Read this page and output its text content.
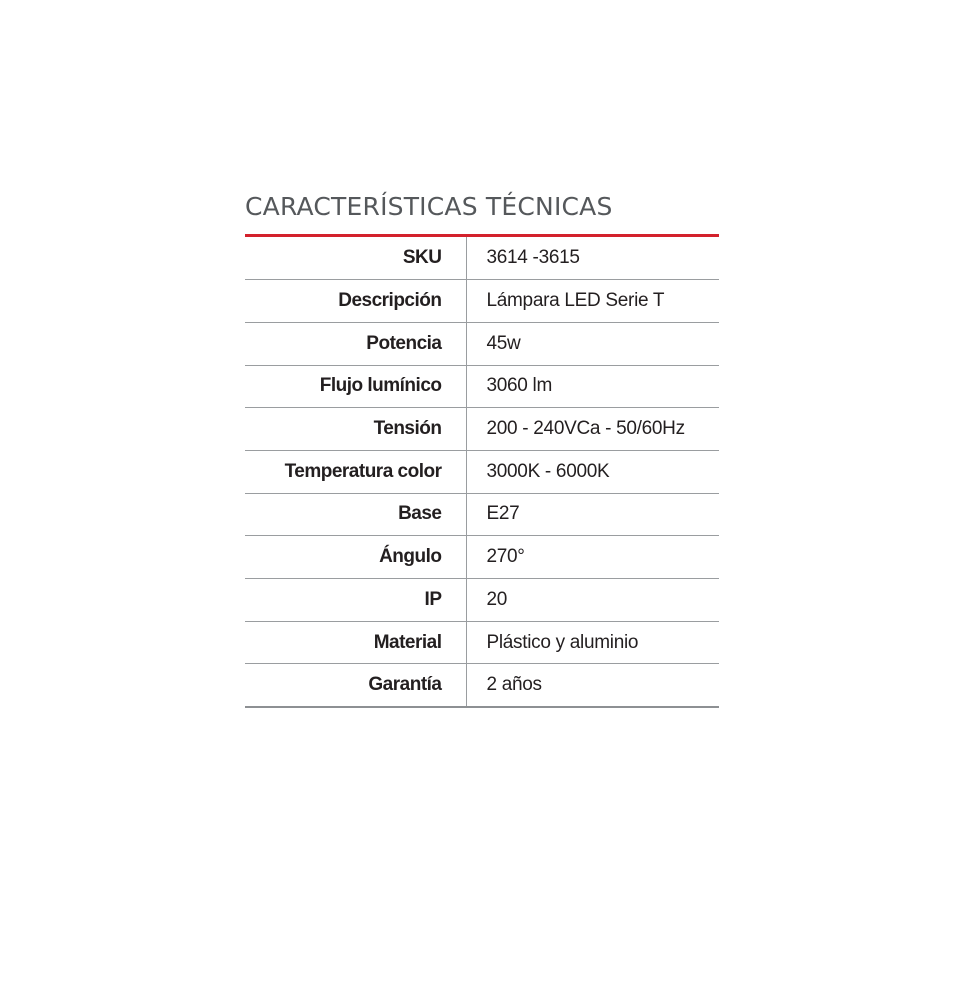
CARACTERÍSTICAS TÉCNICAS
SKU	3614 -3615
Descripción	Lámpara LED Serie T
Potencia	45w
Flujo lumínico	3060 lm
Tensión	200 - 240VCa - 50/60Hz
Temperatura color	3000K - 6000K
Base	E27
Ángulo	270°
IP	20
Material	Plástico y aluminio
Garantía	2 años
